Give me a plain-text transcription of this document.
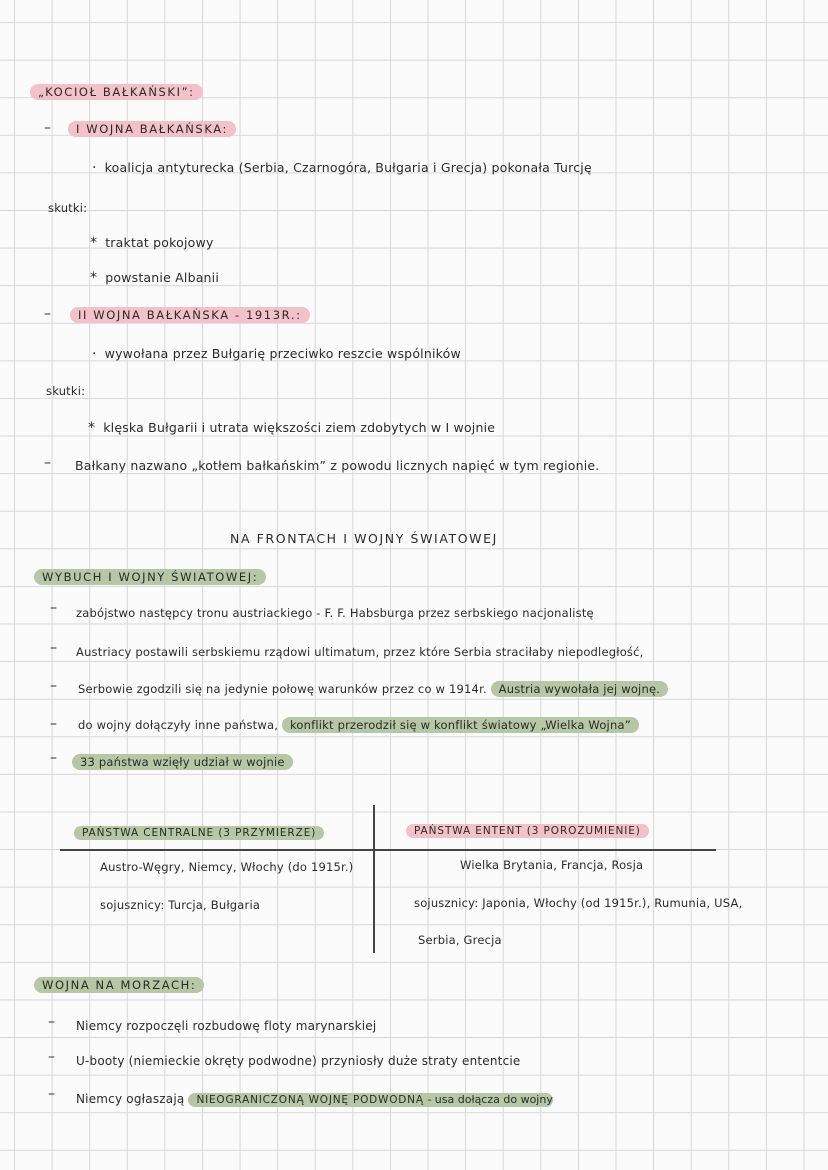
„KOCIOŁ BAŁKAŃSKI”:
–	I WOJNA BAŁKAŃSKA:
· koalicja antyturecka (Serbia, Czarnogóra, Bułgaria i Grecja) pokonała Turcję
skutki:
* traktat pokojowy
* powstanie Albanii
–	II WOJNA BAŁKAŃSKA - 1913R.:
· wywołana przez Bułgarię przeciwko reszcie wspólników
skutki:
* klęska Bułgarii i utrata większości ziem zdobytych w I wojnie
– Bałkany nazwano „kotłem bałkańskim” z powodu licznych napięć w tym regionie.
NA FRONTACH I WOJNY ŚWIATOWEJ
WYBUCH I WOJNY ŚWIATOWEJ:
– zabójstwo następcy tronu austriackiego - F. F. Habsburga przez serbskiego nacjonalistę
– Austriacy postawili serbskiemu rządowi ultimatum, przez które Serbia straciłaby niepodległość,
– Serbowie zgodzili się na jedynie połowę warunków przez co w 1914r. Austria wywołała jej wojnę.
– do wojny dołączyły inne państwa, konflikt przerodził się w konflikt światowy „Wielka Wojna”
–	33 państwa wzięły udział w wojnie
PAŃSTWA CENTRALNE (3 PRZYMIERZE)	PAŃSTWA ENTENT (3 POROZUMIENIE)
Austro-Węgry, Niemcy, Włochy (do 1915r.)	Wielka Brytania, Francja, Rosja
sojusznicy: Turcja, Bułgaria	sojusznicy: Japonia, Włochy (od 1915r.), Rumunia, USA,
Serbia, Grecja
WOJNA NA MORZACH:
– Niemcy rozpoczęli rozbudowę floty marynarskiej
– U-booty (niemieckie okręty podwodne) przyniosły duże straty ententcie
– Niemcy ogłaszają NIEOGRANICZONĄ WOJNĘ PODWODNĄ - usa dołącza do wojny
